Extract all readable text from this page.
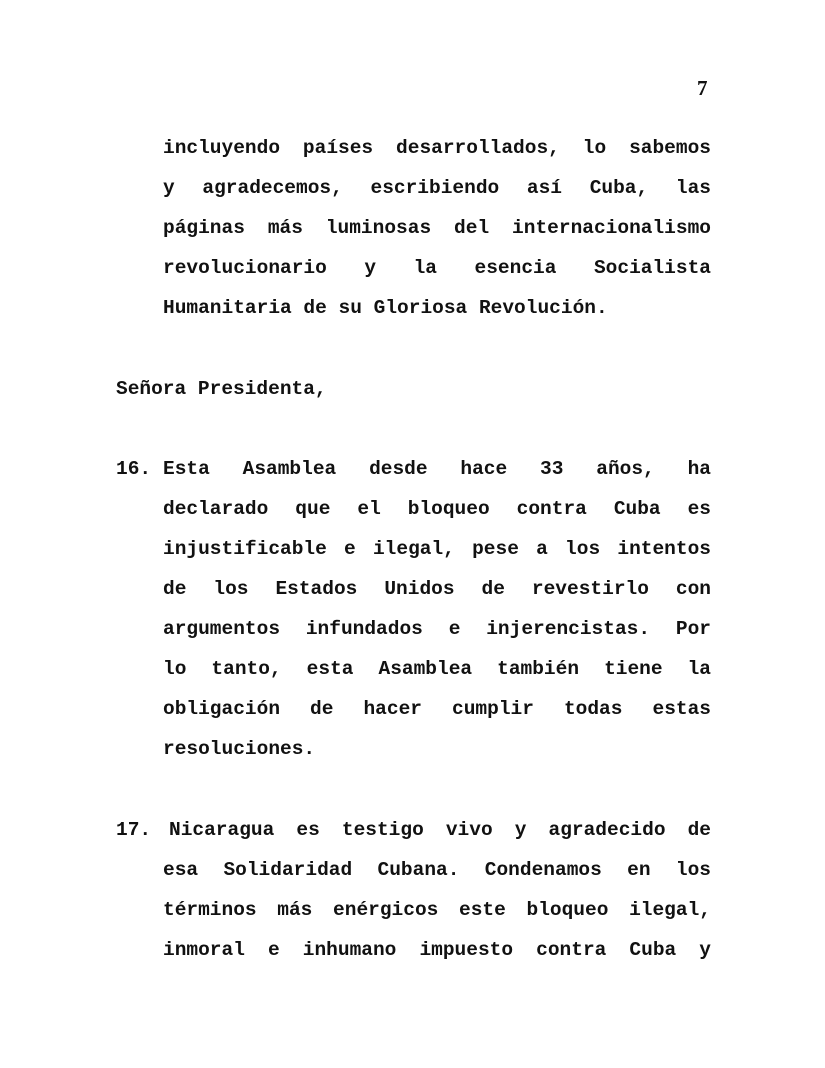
7
incluyendo países desarrollados, lo sabemos
y agradecemos, escribiendo así Cuba, las
páginas más luminosas del internacionalismo
revolucionario y la esencia Socialista
Humanitaria de su Gloriosa Revolución.
Señora Presidenta,
16. Esta Asamblea desde hace 33 años, ha
declarado que el bloqueo contra Cuba es
injustificable e ilegal, pese a los intentos
de los Estados Unidos de revestirlo con
argumentos infundados e injerencistas. Por
lo tanto, esta Asamblea también tiene la
obligación de hacer cumplir todas estas
resoluciones.
17. Nicaragua es testigo vivo y agradecido de
esa Solidaridad Cubana. Condenamos en los
términos más enérgicos este bloqueo ilegal,
inmoral e inhumano impuesto contra Cuba y
